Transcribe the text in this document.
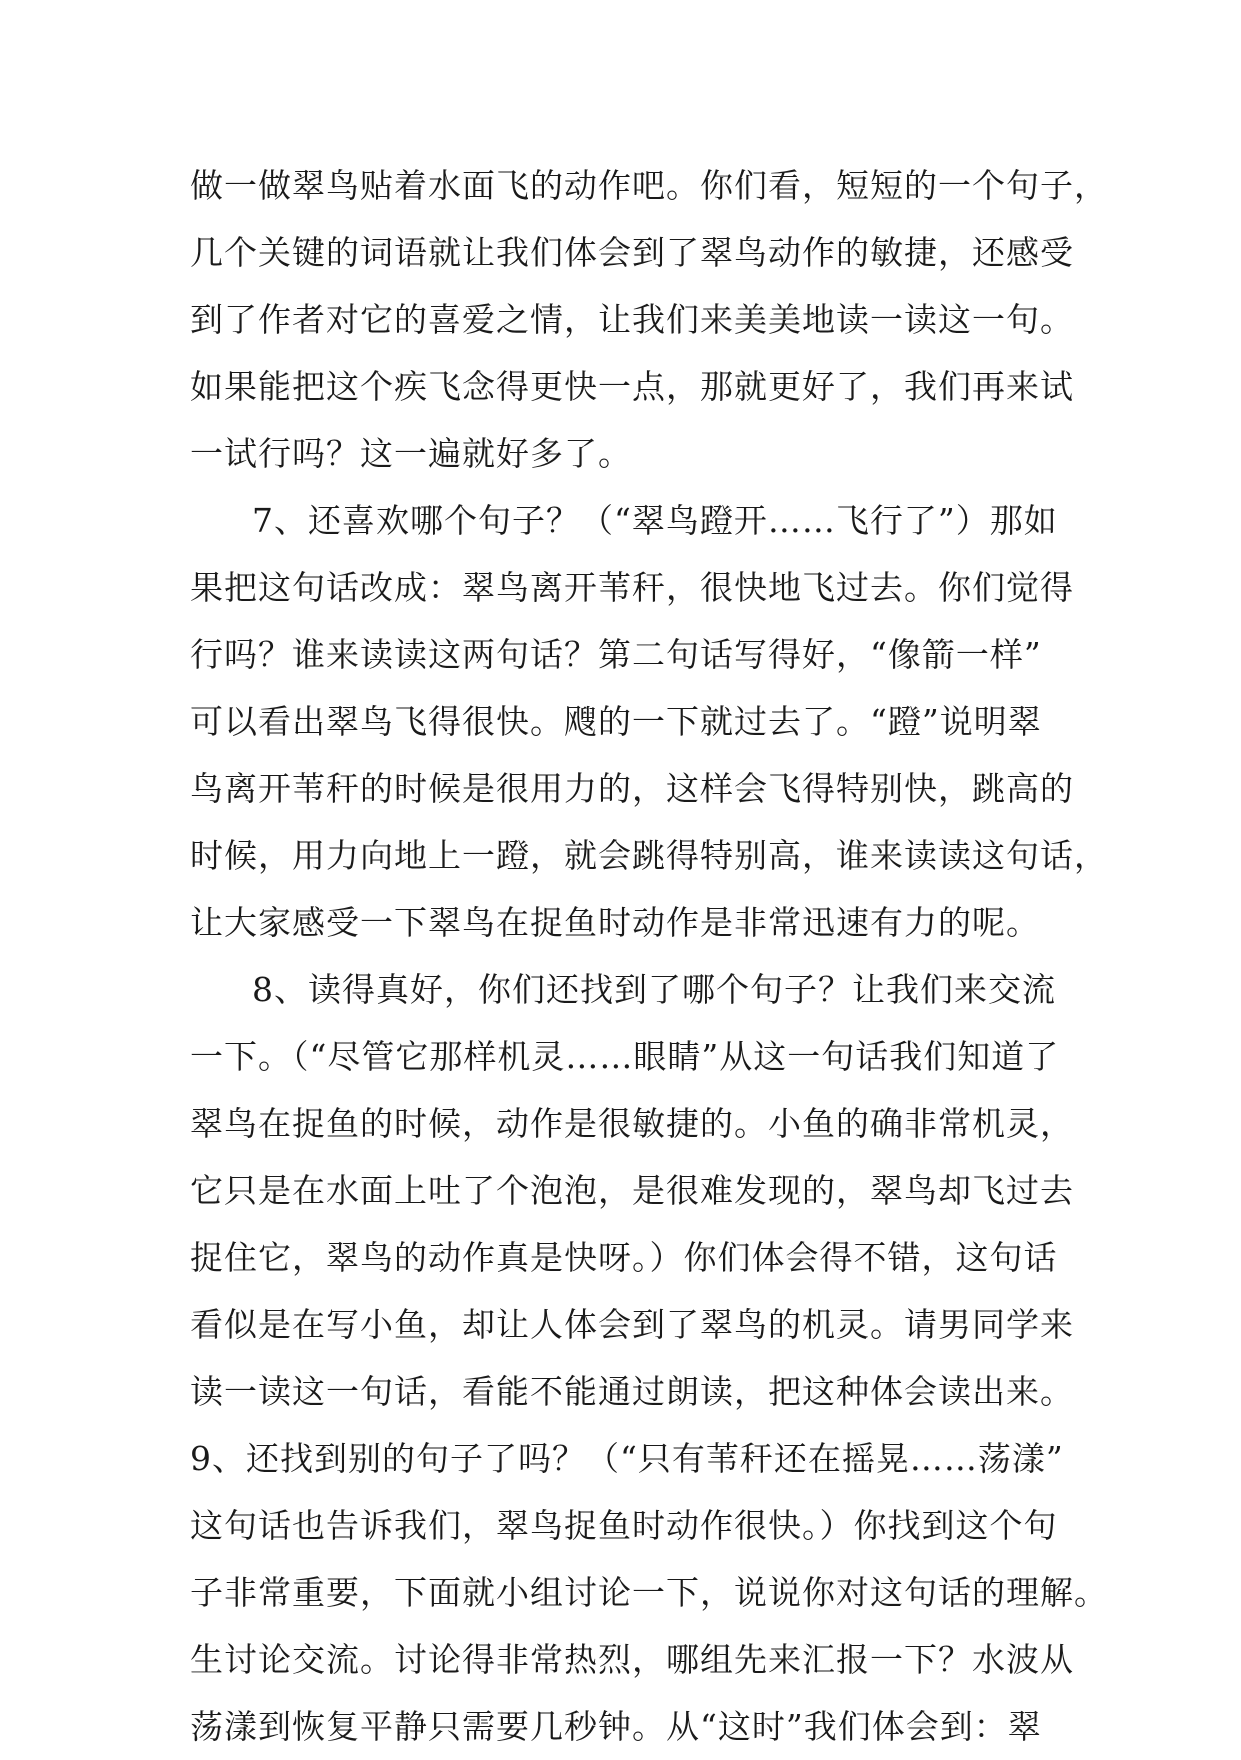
做一做翠鸟贴着水面飞的动作吧。你们看，短短的一个句子，
几个关键的词语就让我们体会到了翠鸟动作的敏捷，还感受
到了作者对它的喜爱之情，让我们来美美地读一读这一句。
如果能把这个疾飞念得更快一点，那就更好了，我们再来试
一试行吗？这一遍就好多了。
7、还喜欢哪个句子？（“翠鸟蹬开……飞行了”）那如
果把这句话改成：翠鸟离开苇秆，很快地飞过去。你们觉得
行吗？谁来读读这两句话？第二句话写得好，“像箭一样”
可以看出翠鸟飞得很快。飕的一下就过去了。“蹬”说明翠
鸟离开苇秆的时候是很用力的，这样会飞得特别快，跳高的
时候，用力向地上一蹬，就会跳得特别高，谁来读读这句话，
让大家感受一下翠鸟在捉鱼时动作是非常迅速有力的呢。
8、读得真好，你们还找到了哪个句子？让我们来交流
一下。（“尽管它那样机灵……眼睛”从这一句话我们知道了
翠鸟在捉鱼的时候，动作是很敏捷的。小鱼的确非常机灵，
它只是在水面上吐了个泡泡，是很难发现的，翠鸟却飞过去
捉住它，翠鸟的动作真是快呀。）你们体会得不错，这句话
看似是在写小鱼，却让人体会到了翠鸟的机灵。请男同学来
读一读这一句话，看能不能通过朗读，把这种体会读出来。
9、还找到别的句子了吗？（“只有苇秆还在摇晃……荡漾”
这句话也告诉我们，翠鸟捉鱼时动作很快。）你找到这个句
子非常重要，下面就小组讨论一下，说说你对这句话的理解。
生讨论交流。讨论得非常热烈，哪组先来汇报一下？水波从
荡漾到恢复平静只需要几秒钟。从“这时”我们体会到：翠
